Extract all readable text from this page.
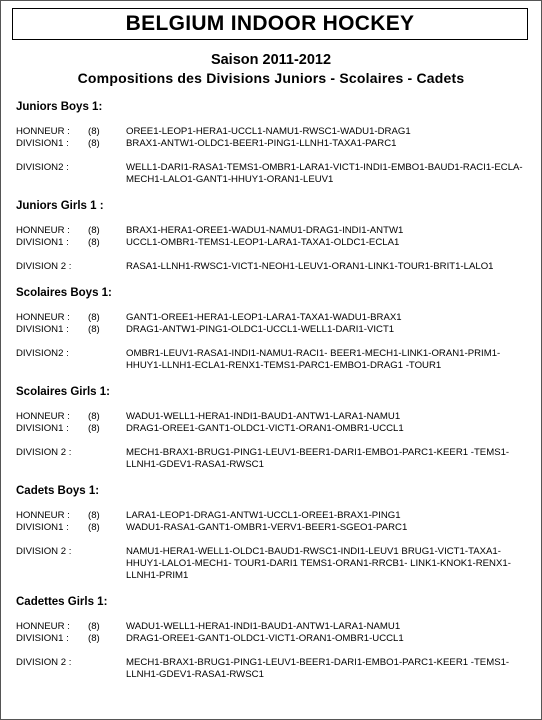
BELGIUM INDOOR HOCKEY
Saison 2011-2012
Compositions des Divisions Juniors - Scolaires - Cadets
Juniors Boys 1:
HONNEUR :	(8)	OREE1-LEOP1-HERA1-UCCL1-NAMU1-RWSC1-WADU1-DRAG1
DIVISION1 :	(8)	BRAX1-ANTW1-OLDC1-BEER1-PING1-LLNH1-TAXA1-PARC1
DIVISION2 :	WELL1-DARI1-RASA1-TEMS1-OMBR1-LARA1-VICT1-INDI1-EMBO1-BAUD1-RACI1-ECLA-MECH1-LALO1-GANT1-HHUY1-ORAN1-LEUV1
Juniors Girls 1 :
HONNEUR :	(8)	BRAX1-HERA1-OREE1-WADU1-NAMU1-DRAG1-INDI1-ANTW1
DIVISION1 :	(8)	UCCL1-OMBR1-TEMS1-LEOP1-LARA1-TAXA1-OLDC1-ECLA1
DIVISION 2 :	RASA1-LLNH1-RWSC1-VICT1-NEOH1-LEUV1-ORAN1-LINK1-TOUR1-BRIT1-LALO1
Scolaires Boys 1:
HONNEUR :	(8)	GANT1-OREE1-HERA1-LEOP1-LARA1-TAXA1-WADU1-BRAX1
DIVISION1 :	(8)	DRAG1-ANTW1-PING1-OLDC1-UCCL1-WELL1-DARI1-VICT1
DIVISION2 :	OMBR1-LEUV1-RASA1-INDI1-NAMU1-RACI1- BEER1-MECH1-LINK1-ORAN1-PRIM1-HHUY1-LLNH1-ECLA1-RENX1-TEMS1-PARC1-EMBO1-DRAG1 -TOUR1
Scolaires Girls 1:
HONNEUR :	(8)	WADU1-WELL1-HERA1-INDI1-BAUD1-ANTW1-LARA1-NAMU1
DIVISION1 :	(8)	DRAG1-OREE1-GANT1-OLDC1-VICT1-ORAN1-OMBR1-UCCL1
DIVISION 2 :	MECH1-BRAX1-BRUG1-PING1-LEUV1-BEER1-DARI1-EMBO1-PARC1-KEER1 -TEMS1-LLNH1-GDEV1-RASA1-RWSC1
Cadets Boys 1:
HONNEUR :	(8)	LARA1-LEOP1-DRAG1-ANTW1-UCCL1-OREE1-BRAX1-PING1
DIVISION1 :	(8)	WADU1-RASA1-GANT1-OMBR1-VERV1-BEER1-SGEO1-PARC1
DIVISION 2 :	NAMU1-HERA1-WELL1-OLDC1-BAUD1-RWSC1-INDI1-LEUV1 BRUG1-VICT1-TAXA1-HHUY1-LALO1-MECH1- TOUR1-DARI1 TEMS1-ORAN1-RRCB1- LINK1-KNOK1-RENX1-LLNH1-PRIM1
Cadettes Girls 1:
HONNEUR :	(8)	WADU1-WELL1-HERA1-INDI1-BAUD1-ANTW1-LARA1-NAMU1
DIVISION1 :	(8)	DRAG1-OREE1-GANT1-OLDC1-VICT1-ORAN1-OMBR1-UCCL1
DIVISION 2 :	MECH1-BRAX1-BRUG1-PING1-LEUV1-BEER1-DARI1-EMBO1-PARC1-KEER1 -TEMS1-LLNH1-GDEV1-RASA1-RWSC1
